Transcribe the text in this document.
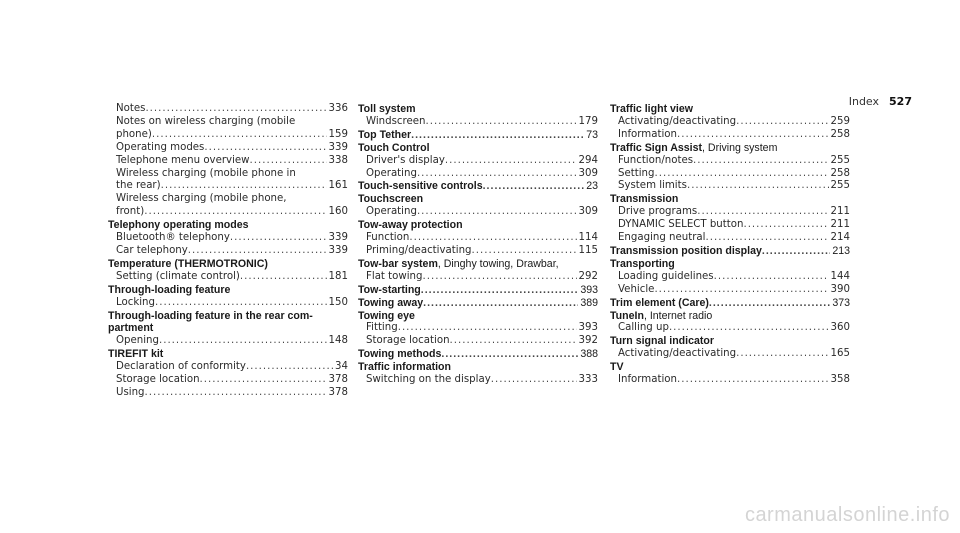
Index 527
Notes .....	336
Notes on wireless charging (mobile
phone) .....	159
Operating modes .....	339
Telephone menu overview .....	338
Wireless charging (mobile phone in
the rear) .....	161
Wireless charging (mobile phone,
front) .....	160
Telephony operating modes
Bluetooth® telephony .....	339
Car telephony .....	339
Temperature (THERMOTRONIC)
Setting (climate control) .....	181
Through-loading feature
Locking .....	150
Through-loading feature in the rear com-
partment
Opening .....	148
TIREFIT kit
Declaration of conformity .....	34
Storage location .....	378
Using .....	378
Toll system
Windscreen .....	179
Top Tether .....	73
Touch Control
Driver's display .....	294
Operating .....	309
Touch-sensitive controls .....	23
Touchscreen
Operating .....	309
Tow-away protection
Function .....	114
Priming/deactivating .....	115
Tow-bar system, Dinghy towing, Drawbar,
Flat towing .....	292
Tow-starting .....	393
Towing away .....	389
Towing eye
Fitting .....	393
Storage location .....	392
Towing methods .....	388
Traffic information
Switching on the display .....	333
Traffic light view
Activating/deactivating .....	259
Information .....	258
Traffic Sign Assist, Driving system
Function/notes .....	255
Setting .....	258
System limits .....	255
Transmission
Drive programs .....	211
DYNAMIC SELECT button .....	211
Engaging neutral .....	214
Transmission position display .....	213
Transporting
Loading guidelines .....	144
Vehicle .....	390
Trim element (Care) .....	373
TuneIn, Internet radio
Calling up .....	360
Turn signal indicator
Activating/deactivating .....	165
TV
Information .....	358
carmanualsonline.info
